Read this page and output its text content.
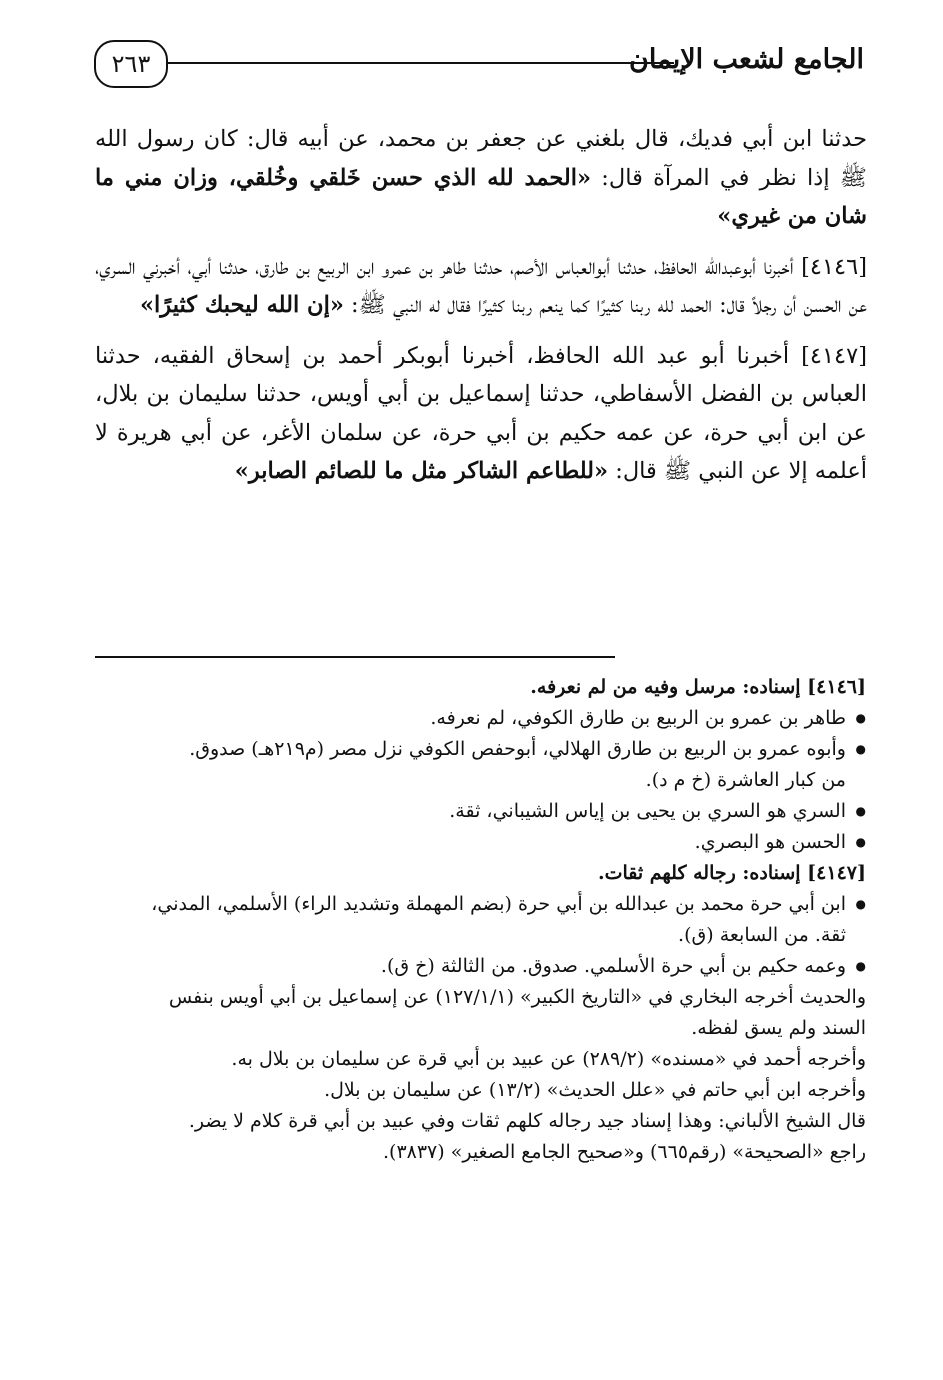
٢٦٣	الجامع لشعب الإيمان

حدثنا ابن أبي فديك، قال بلغني عن جعفر بن محمد، عن أبيه قال: كان رسول الله ﷺ إذا نظر في المرآة قال: «الحمد لله الذي حسن خَلقي وخُلقي، وزان مني ما شان من غيري»

[٤١٤٦] أخبرنا أبوعبدالله الحافظ، حدثنا أبوالعباس الأصم، حدثنا طاهر بن عمرو ابن الربيع بن طارق، حدثنا أبي، أخبرني السري، عن الحسن أن رجلاً قال: الحمد لله ربنا كثيرًا كما ينعم ربنا كثيرًا فقال له النبي ﷺ: «إن الله ليحبك كثيرًا»

[٤١٤٧] أخبرنا أبو عبد الله الحافظ، أخبرنا أبوبكر أحمد بن إسحاق الفقيه، حدثنا العباس بن الفضل الأسفاطي، حدثنا إسماعيل بن أبي أويس، حدثنا سليمان بن بلال، عن ابن أبي حرة، عن عمه حكيم بن أبي حرة، عن سلمان الأغر، عن أبي هريرة لا أعلمه إلا عن النبي ﷺ قال: «للطاعم الشاكر مثل ما للصائم الصابر»

[٤١٤٦] إسناده: مرسل وفيه من لم نعرفه.

● طاهر بن عمرو بن الربيع بن طارق الكوفي، لم نعرفه.

● وأبوه عمرو بن الربيع بن طارق الهلالي، أبوحفص الكوفي نزل مصر (م٢١٩هـ) صدوق.

من كبار العاشرة (خ م د).

● السري هو السري بن يحيى بن إياس الشيباني، ثقة.

● الحسن هو البصري.

[٤١٤٧] إسناده: رجاله كلهم ثقات.

● ابن أبي حرة محمد بن عبدالله بن أبي حرة (بضم المهملة وتشديد الراء) الأسلمي، المدني،

ثقة. من السابعة (ق).

● وعمه حكيم بن أبي حرة الأسلمي. صدوق. من الثالثة (خ ق).

والحديث أخرجه البخاري في «التاريخ الكبير» (١٢٧/١/١) عن إسماعيل بن أبي أويس بنفس

السند ولم يسق لفظه.

وأخرجه أحمد في «مسنده» (٢٨٩/٢) عن عبيد بن أبي قرة عن سليمان بن بلال به.

وأخرجه ابن أبي حاتم في «علل الحديث» (١٣/٢) عن سليمان بن بلال.

قال الشيخ الألباني: وهذا إسناد جيد رجاله كلهم ثقات وفي عبيد بن أبي قرة كلام لا يضر.

راجع «الصحيحة» (رقم٦٦٥) و«صحيح الجامع الصغير» (٣٨٣٧).
